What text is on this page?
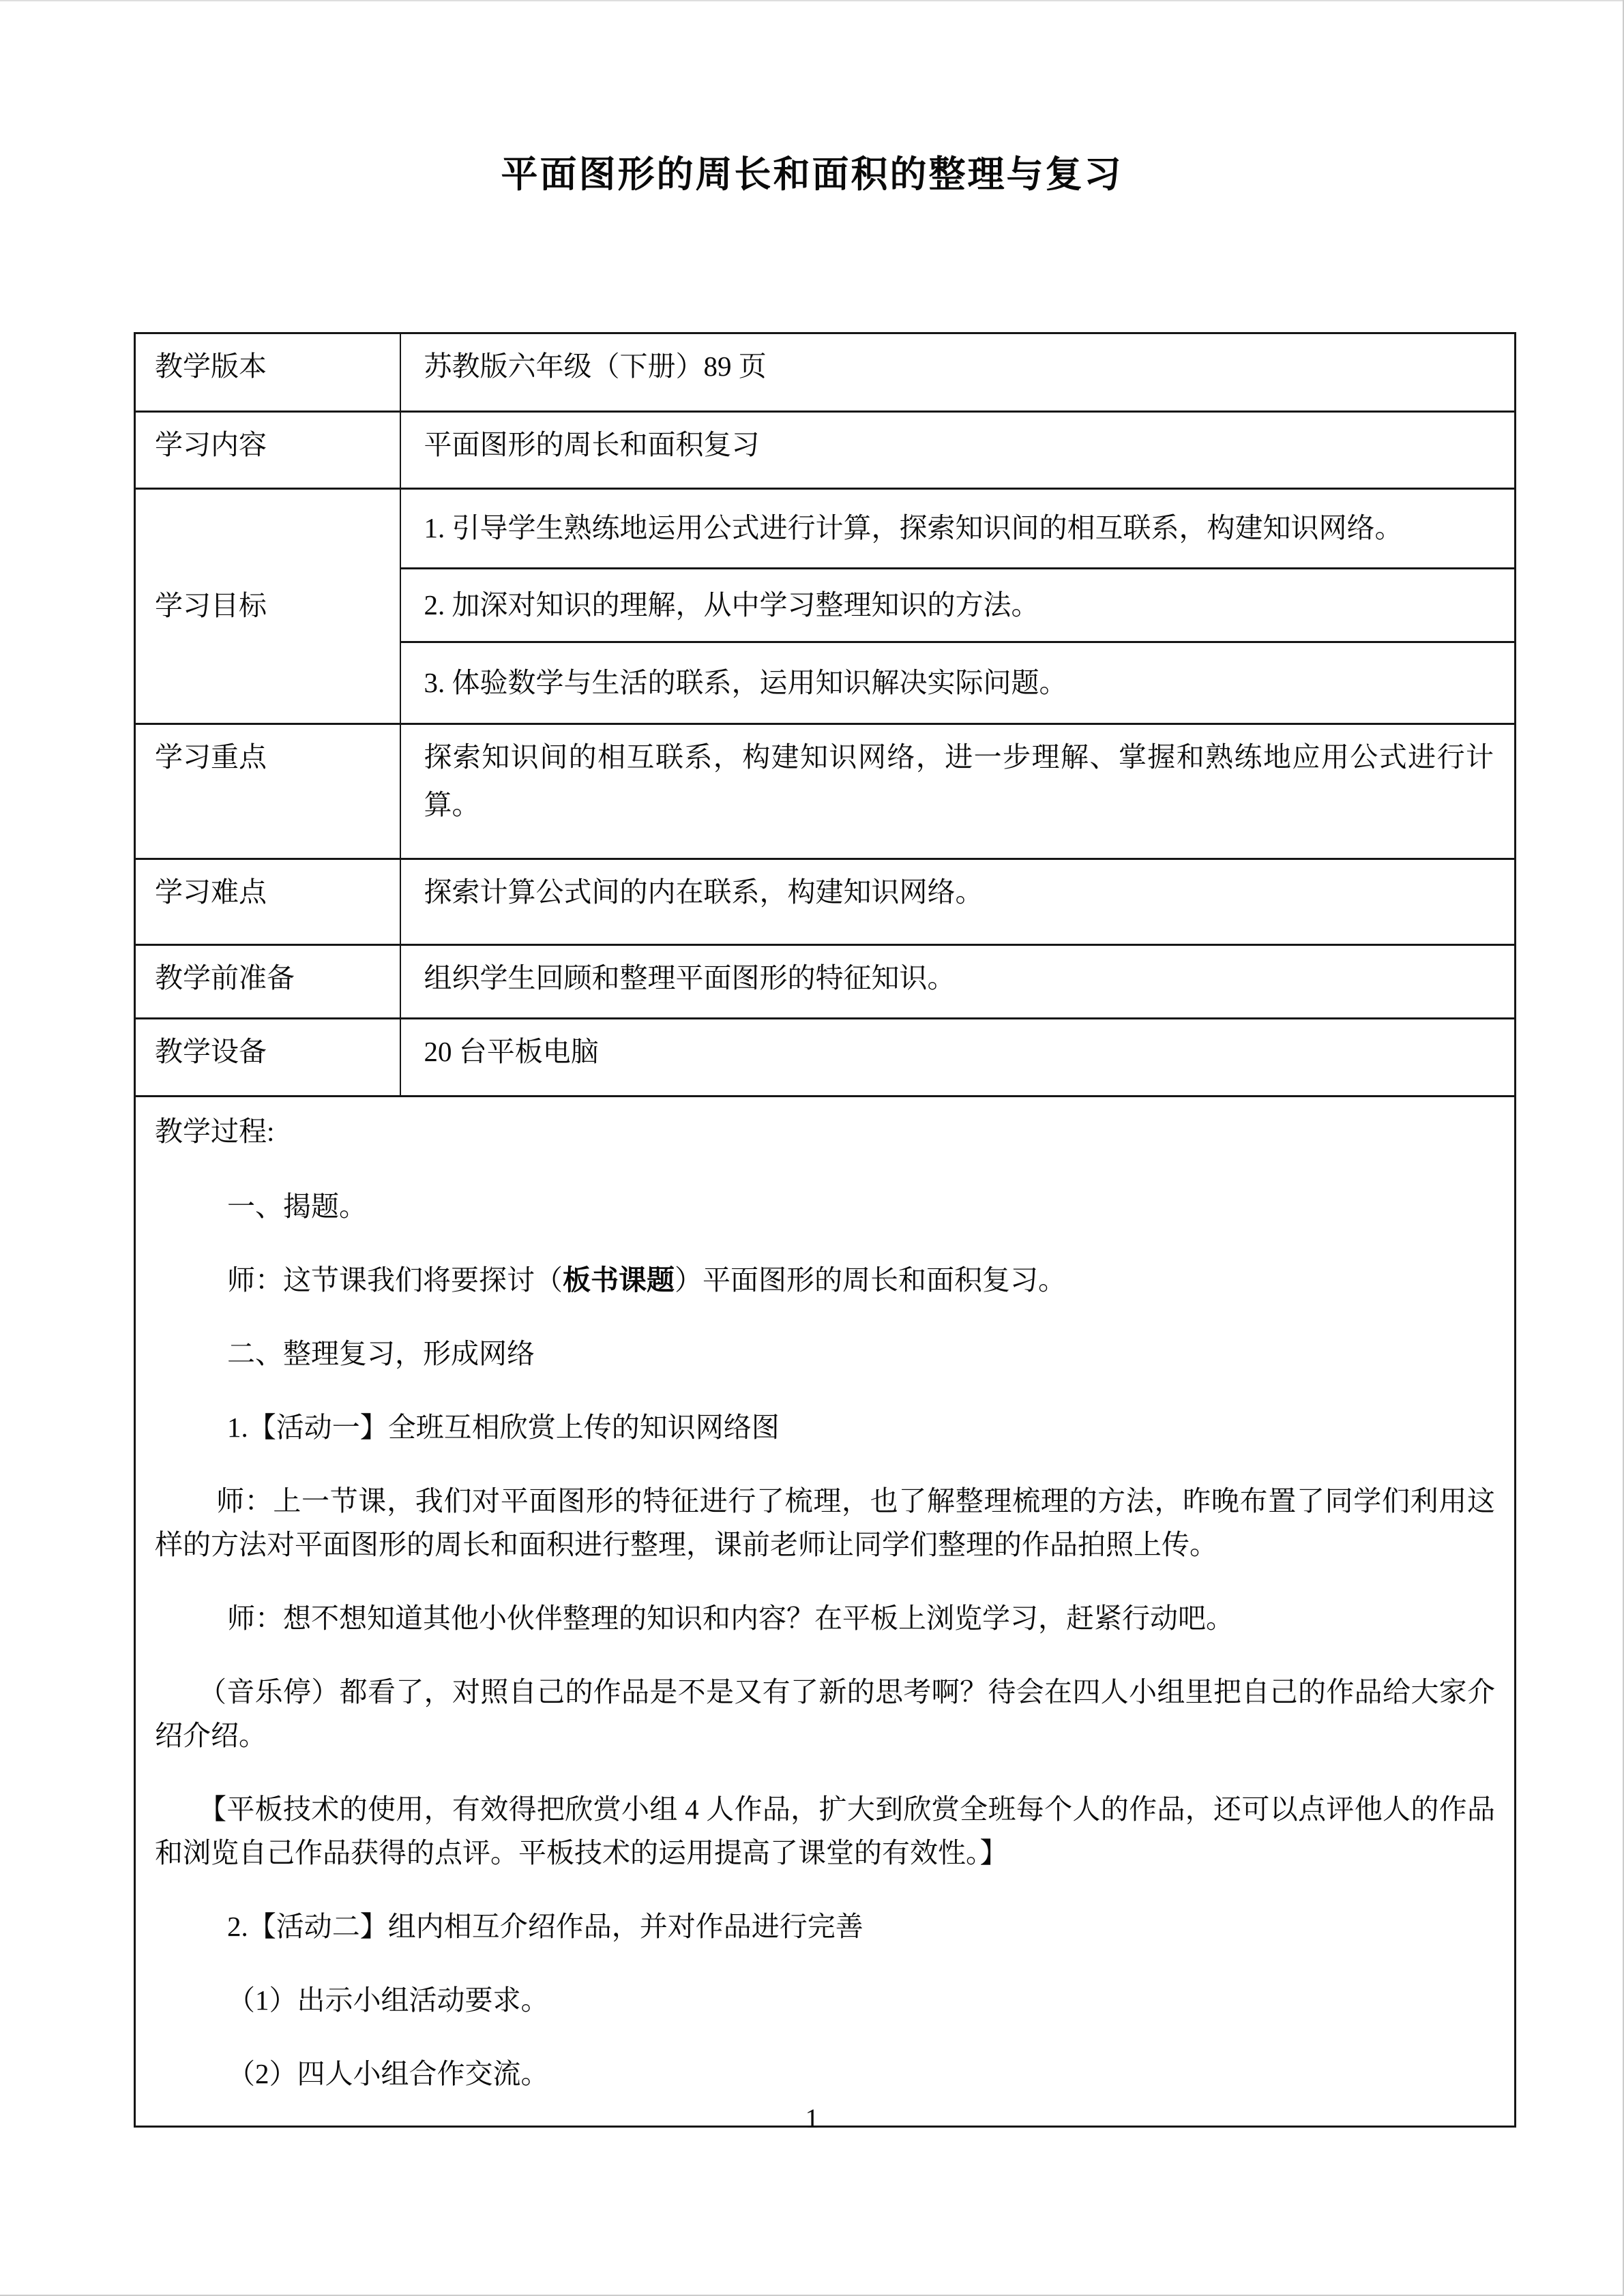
平面图形的周长和面积的整理与复习
教学版本	苏教版六年级（下册）89 页
学习内容	平面图形的周长和面积复习
学习目标	1. 引导学生熟练地运用公式进行计算，探索知识间的相互联系，构建知识网络。
	2. 加深对知识的理解，从中学习整理知识的方法。
	3. 体验数学与生活的联系，运用知识解决实际问题。
学习重点	探索知识间的相互联系，构建知识网络，进一步理解、掌握和熟练地应用公式进行计算。
学习难点	探索计算公式间的内在联系，构建知识网络。
教学前准备	组织学生回顾和整理平面图形的特征知识。
教学设备	20 台平板电脑

教学过程:

一、揭题。

师：这节课我们将要探讨（板书课题）平面图形的周长和面积复习。

二、整理复习，形成网络

1.【活动一】全班互相欣赏上传的知识网络图

师：上一节课，我们对平面图形的特征进行了梳理，也了解整理梳理的方法，昨晚布置了同学们利用这样的方法对平面图形的周长和面积进行整理，课前老师让同学们整理的作品拍照上传。

师：想不想知道其他小伙伴整理的知识和内容？在平板上浏览学习，赶紧行动吧。

（音乐停）都看了，对照自己的作品是不是又有了新的思考啊？待会在四人小组里把自己的作品给大家介绍介绍。

【平板技术的使用，有效得把欣赏小组 4 人作品，扩大到欣赏全班每个人的作品，还可以点评他人的作品和浏览自己作品获得的点评。平板技术的运用提高了课堂的有效性。】

2.【活动二】组内相互介绍作品，并对作品进行完善

（1）出示小组活动要求。

（2）四人小组合作交流。

1
